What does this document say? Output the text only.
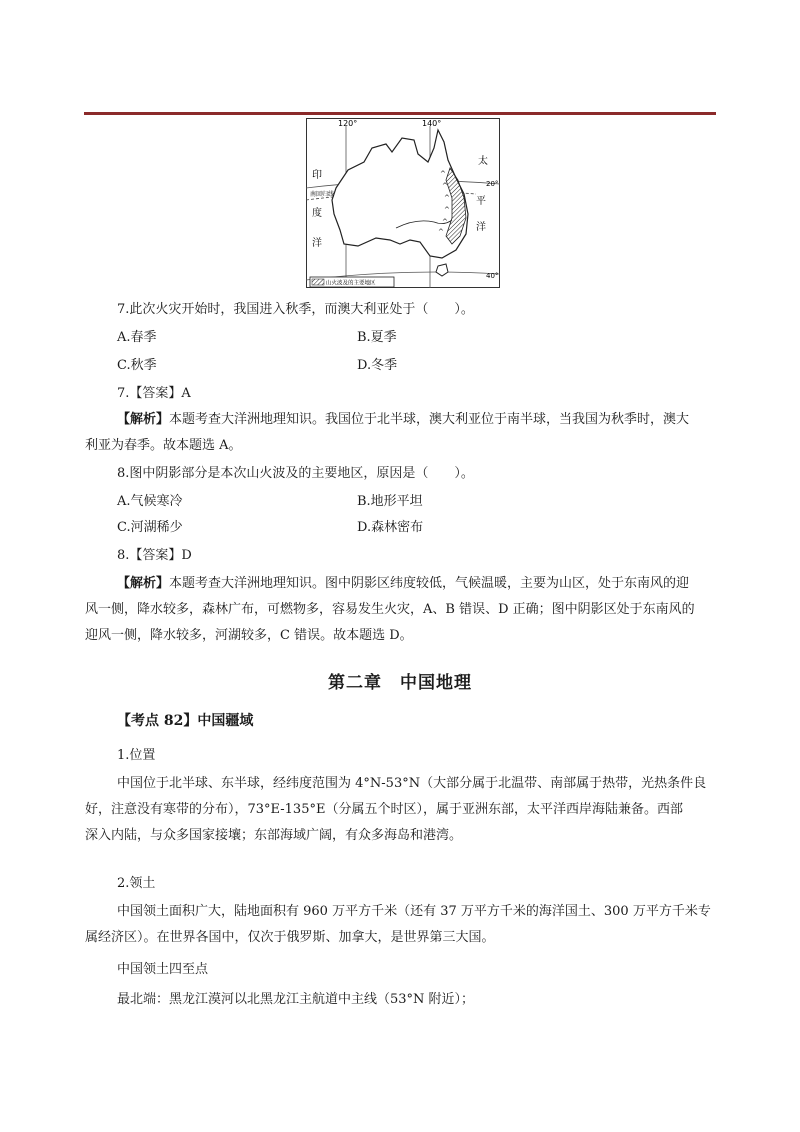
^
^
^
^
^
^
120°	140°
20°
40°
南回归线
印
度
洋
太
平
洋
山火波及的主要地区
7.此次火灾开始时，我国进入秋季，而澳大利亚处于（　　）。
A.春季	B.夏季
C.秋季	D.冬季
7.【答案】A
【解析】本题考查大洋洲地理知识。我国位于北半球，澳大利亚位于南半球，当我国为秋季时，澳大
利亚为春季。故本题选 A。
8.图中阴影部分是本次山火波及的主要地区，原因是（　　）。
A.气候寒冷	B.地形平坦
C.河湖稀少	D.森林密布
8.【答案】D
【解析】本题考查大洋洲地理知识。图中阴影区纬度较低，气候温暖，主要为山区，处于东南风的迎
风一侧，降水较多，森林广布，可燃物多，容易发生火灾，A、B 错误、D 正确；图中阴影区处于东南风的
迎风一侧，降水较多，河湖较多，C 错误。故本题选 D。
第二章　中国地理
【考点 82】中国疆域
1.位置
中国位于北半球、东半球，经纬度范围为 4°N-53°N（大部分属于北温带、南部属于热带，光热条件良
好，注意没有寒带的分布），73°E-135°E（分属五个时区），属于亚洲东部，太平洋西岸海陆兼备。西部
深入内陆，与众多国家接壤；东部海域广阔，有众多海岛和港湾。
2.领土
中国领土面积广大，陆地面积有 960 万平方千米（还有 37 万平方千米的海洋国土、300 万平方千米专
属经济区）。在世界各国中，仅次于俄罗斯、加拿大，是世界第三大国。
中国领土四至点
最北端：黑龙江漠河以北黑龙江主航道中主线（53°N 附近）；
